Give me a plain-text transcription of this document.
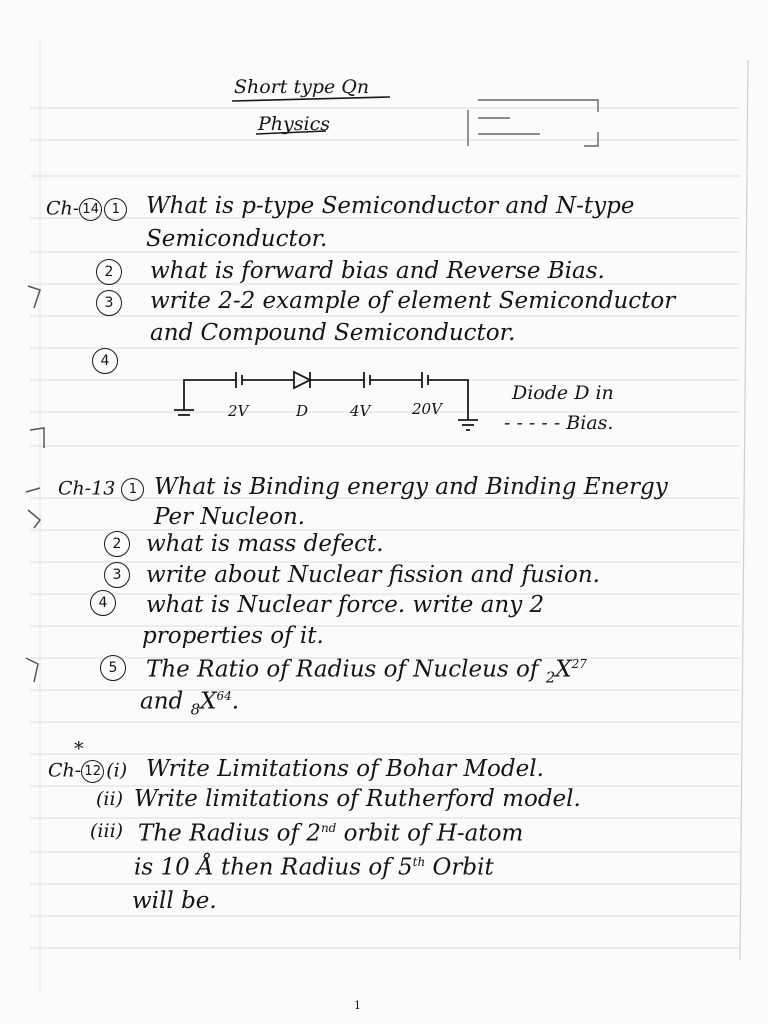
Short type Qn
Physics
Ch- 14 1	What is p-type Semiconductor and N-type
Semiconductor.
2	what is forward bias and Reverse Bias.
3	write 2-2 example of element Semiconductor
and Compound Semiconductor.
4
2V	D	4V	20V
Diode D in
- - - - - Bias.
Ch-13 1 What is Binding energy and Binding Energy
Per Nucleon.
2	what is mass defect.
3	write about Nuclear fission and fusion.
4	what is Nuclear force. write any 2
properties of it.
5	The Ratio of Radius of Nucleus of $_2X^{27}$
and $_8X^{64}$.
*
Ch- 12 (i) Write Limitations of Bohar Model.
(ii) Write limitations of Rutherford model.
(iii) The Radius of 2nd orbit of H-atom
is 10 Å then Radius of 5th Orbit
will be.
1
